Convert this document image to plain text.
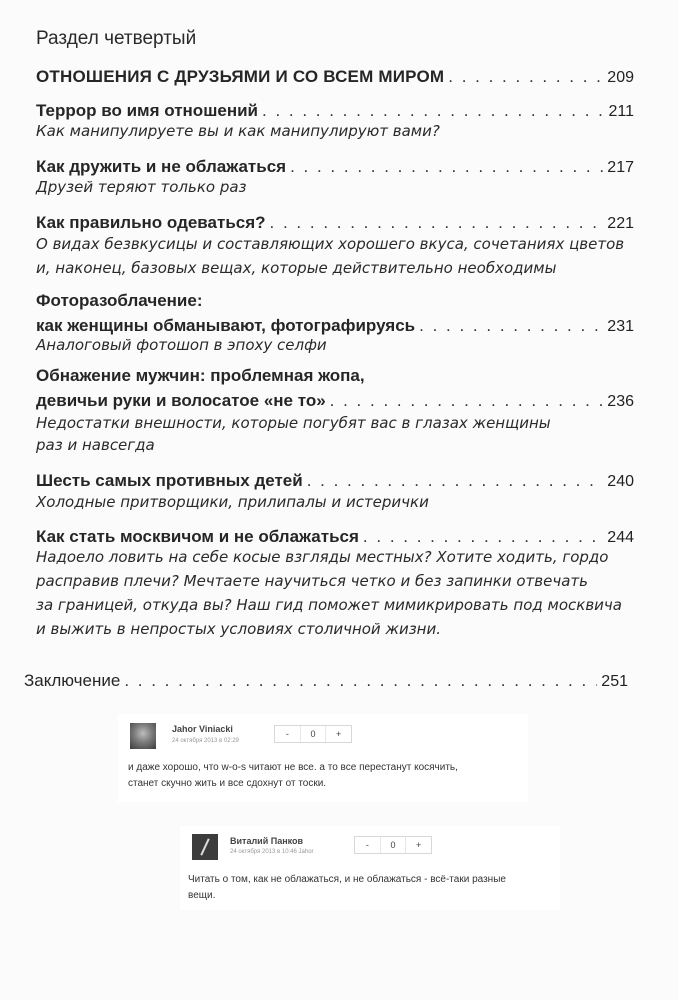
Раздел четвертый
ОТНОШЕНИЯ С ДРУЗЬЯМИ И СО ВСЕМ МИРОМ . . .	209
Террор во имя отношений . . .	211
Как манипулируете вы и как манипулируют вами?
Как дружить и не облажаться . . .	217
Друзей теряют только раз
Как правильно одеваться? . . .	221
О видах безвкусицы и составляющих хорошего вкуса, сочетаниях цветов
и, наконец, базовых вещах, которые действительно необходимы
Фоторазоблачение:
как женщины обманывают, фотографируясь . . .	231
Аналоговый фотошоп в эпоху селфи
Обнажение мужчин: проблемная жопа,
девичьи руки и волосатое «не то» . . .	236
Недостатки внешности, которые погубят вас в глазах женщины
раз и навсегда
Шесть самых противных детей . . .	240
Холодные притворщики, прилипалы и истерички
Как стать москвичом и не облажаться . . .	244
Надоело ловить на себе косые взгляды местных? Хотите ходить, гордо
расправив плечи? Мечтаете научиться четко и без запинки отвечать
за границей, откуда вы? Наш гид поможет мимикрировать под москвича
и выжить в непростых условиях столичной жизни.
Заключение . . .	251
Jahor Viniacki
24 октября 2013 в 02:29
-	0	+
и даже хорошо, что w-o-s читают не все. а то все перестанут косячить,
станет скучно жить и все сдохнут от тоски.
Виталий Панков
24 октября 2013 в 10:46 Jahor
-	0	+
Читать о том, как не облажаться, и не облажаться - всё-таки разные
вещи.
